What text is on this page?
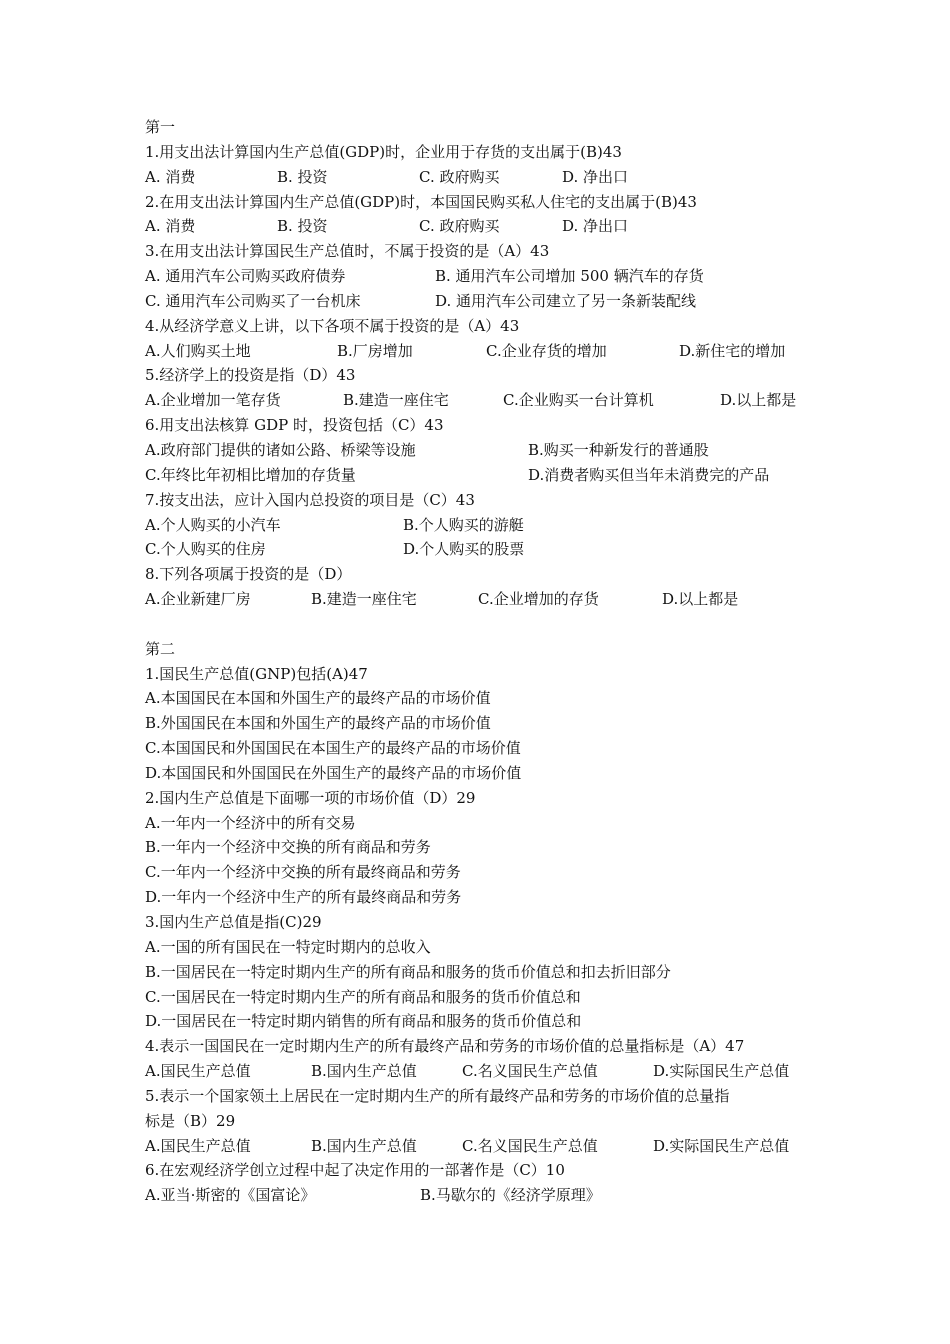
第一
1.用支出法计算国内生产总值(GDP)时，企业用于存货的支出属于(B)43
A. 消费	B. 投资	C. 政府购买	D. 净出口
2.在用支出法计算国内生产总值(GDP)时，本国国民购买私人住宅的支出属于(B)43
A. 消费	B. 投资	C. 政府购买	D. 净出口
3.在用支出法计算国民生产总值时，不属于投资的是（A）43
A. 通用汽车公司购买政府债券	B. 通用汽车公司增加 500 辆汽车的存货
C. 通用汽车公司购买了一台机床	D. 通用汽车公司建立了另一条新装配线
4.从经济学意义上讲，以下各项不属于投资的是（A）43
A.人们购买土地	B.厂房增加	C.企业存货的增加	D.新住宅的增加
5.经济学上的投资是指（D）43
A.企业增加一笔存货	B.建造一座住宅	C.企业购买一台计算机	D.以上都是
6.用支出法核算 GDP 时，投资包括（C）43
A.政府部门提供的诸如公路、桥梁等设施	B.购买一种新发行的普通股
C.年终比年初相比增加的存货量	D.消费者购买但当年未消费完的产品
7.按支出法，应计入国内总投资的项目是（C）43
A.个人购买的小汽车	B.个人购买的游艇
C.个人购买的住房	D.个人购买的股票
8.下列各项属于投资的是（D）
A.企业新建厂房	B.建造一座住宅	C.企业增加的存货	D.以上都是
第二
1.国民生产总值(GNP)包括(A)47
A.本国国民在本国和外国生产的最终产品的市场价值
B.外国国民在本国和外国生产的最终产品的市场价值
C.本国国民和外国国民在本国生产的最终产品的市场价值
D.本国国民和外国国民在外国生产的最终产品的市场价值
2.国内生产总值是下面哪一项的市场价值（D）29
A.一年内一个经济中的所有交易
B.一年内一个经济中交换的所有商品和劳务
C.一年内一个经济中交换的所有最终商品和劳务
D.一年内一个经济中生产的所有最终商品和劳务
3.国内生产总值是指(C)29
A.一国的所有国民在一特定时期内的总收入
B.一国居民在一特定时期内生产的所有商品和服务的货币价值总和扣去折旧部分
C.一国居民在一特定时期内生产的所有商品和服务的货币价值总和
D.一国居民在一特定时期内销售的所有商品和服务的货币价值总和
4.表示一国国民在一定时期内生产的所有最终产品和劳务的市场价值的总量指标是（A）47
A.国民生产总值	B.国内生产总值	C.名义国民生产总值	D.实际国民生产总值
5.表示一个国家领土上居民在一定时期内生产的所有最终产品和劳务的市场价值的总量指
标是（B）29
A.国民生产总值	B.国内生产总值	C.名义国民生产总值	D.实际国民生产总值
6.在宏观经济学创立过程中起了决定作用的一部著作是（C）10
A.亚当·斯密的《国富论》	B.马歇尔的《经济学原理》
